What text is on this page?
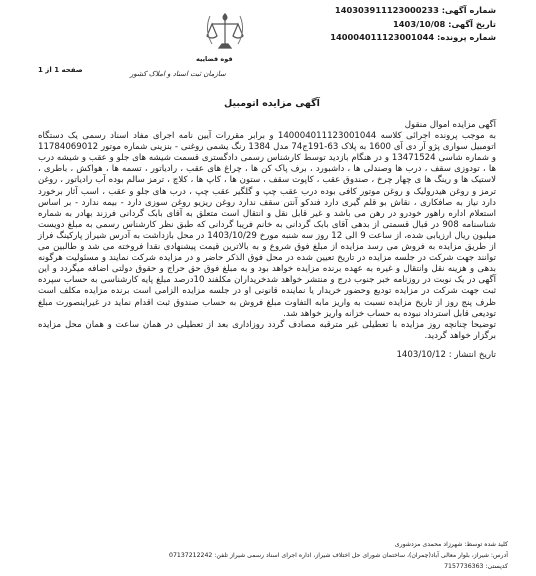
شماره آگهی: 140303911123000233
تاریخ آگهی: 1403/10/08
شماره پرونده: 140004011123001044
قوه قضاییه
سازمان ثبت اسناد و املاک کشور
صفحه 1 از 1
آگهی مزایده اتومبیل

آگهی مزایده اموال منقول

به موجب پرونده اجرائی کلاسه 140004011123001044 و برابر مقررات آیین نامه اجرای مفاد اسناد رسمی یک دستگاه اتومبیل سواری پژو آر دی آی 1600 به پلاک 63-191ج74 مدل 1384 رنگ یشمی روغنی - بنزینی شماره موتور 11784069012 و شماره شاسی 13471524 و در هنگام بازدید توسط کارشناس رسمی دادگستری قسمت شیشه های جلو و عقب و شیشه درب ها ، تودوزی سقف ، درب ها وصندلی ها ، داشبورد ، برف پاک کن ها ، چراغ های عقب ، رادیاتور ، تسمه ها ، هواکش ، باطری ، لاستیک ها و رینگ ها ی چهار چرخ ، صندوق عقب ، کاپوت سقف ، ستون ها ، کاپ ها ، کلاچ ، ترمز سالم بوده آب رادیاتور ، روغن ترمز و روغن هیدرولیک و روغن موتور کافی بوده درب عقب چپ و گلگیر عقب چپ ، درب های جلو و عقب ، اسب آثار برخورد دارد نیاز به صافکاری ، نقاش بو قلم گیری دارد فندکو آنتن سقف ندارد روغن ریزیو روغن سوزی دارد - بیمه ندارد - بر اساس استعلام اداره راهور خودرو در رهن می باشد و غیر قابل نقل و انتقال است متعلق به آقای بابک گردانی فرزند بهادر به شماره شناسنامه 908 در قبال قسمتی از بدهی آقای بابک گردانی به خانم فریبا گردانی که طبق نظر کارشناس رسمی به مبلغ دویست میلیون ریال ارزیابی شده، از ساعت 9 الی 12 روز سه شنبه مورخ 1403/10/29 در محل بازداشت به آدرس شیراز پارکینگ فراز از طریق مزایده به فروش می رسد مزایده از مبلغ فوق شروع و به بالاترین قیمت پیشنهادی نقدا فروخته می شد و طالبین می توانند جهت شرکت در جلسه مزایده در تاریخ تعیین شده در محل فوق الذکر حاضر و در مزایده شرکت نمایند و مسئولیت هرگونه بدهی و هزینه نقل وانتقال و غیره به عهده برنده مزایده خواهد بود و به مبلغ فوق حق حراج و حقوق دولتی اضافه میگردد و این آگهی در یک نوبت در روزنامه خبر جنوب درج و منتشر خواهد شدخریداران مکلفند 10درصد مبلغ پایه کارشناسی به حساب سپرده ثبت جهت شرکت در مزایده تودیع وحضور خریدار یا نماینده قانونی او در جلسه مزایده الزامی است برنده مزایده مکلف است ظرف پنج روز از تاریخ مزایده نسبت به واریز مابه التفاوت مبلغ فروش به حساب صندوق ثبت اقدام نماید در غیراینصورت مبلغ تودیعی قابل استرداد نبوده به حساب خزانه واریز خواهد شد.

توضیحا چنانچه روز مزایده با تعطیلی غیر مترقبه مصادف گردد روزاداری بعد از تعطیلی در همان ساعت و همان محل مزایده برگزار خواهد گردید.

تاریخ انتشار : 1403/10/12

کلید شده توسط: شهرزاد محمدی مزدشوری
آدرس: شیراز، بلوار معالی آباد(چمران)، ساختمان شورای حل اختلاف شیراز، اداره اجرای اسناد رسمی شیراز تلفن: 07137212242
کدپستی: 7157736363
